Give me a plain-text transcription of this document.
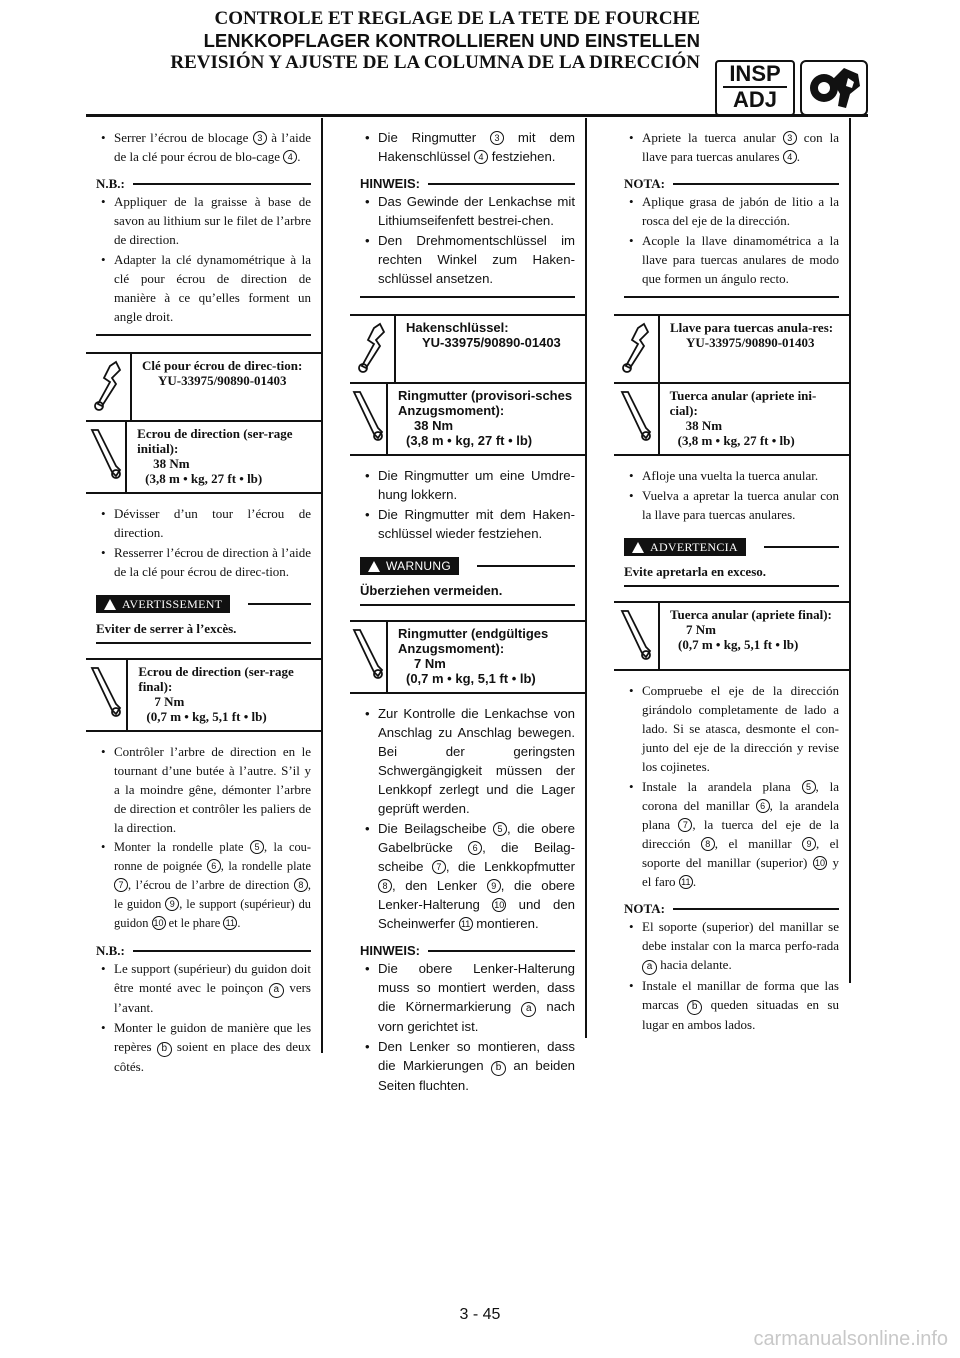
CONTROLE ET REGLAGE DE LA TETE DE FOURCHE
LENKKOPFLAGER KONTROLLIEREN UND EINSTELLEN
REVISIÓN Y AJUSTE DE LA COLUMNA DE LA DIRECCIÓN	INSP
ADJ
• Serrer l’écrou de blocage 3 à l’aide de la clé pour écrou de blo-cage 4 .
N.B.:
• Appliquer de la graisse à base de savon au lithium sur le filet de l’arbre de direction.
• Adapter la clé dynamométrique à la clé pour écrou de direction de manière à ce qu’elles forment un angle droit.
Clé pour écrou de direc-tion:
YU-33975/90890-01403
Ecrou de direction (ser-rage initial):
38 Nm
(3,8 m • kg, 27 ft • lb)
• Dévisser d’un tour l’écrou de direction.
• Resserrer l’écrou de direction à l’aide de la clé pour écrou de direc-tion.
AVERTISSEMENT
Eviter de serrer à l’excès.
Ecrou de direction (ser-rage final):
7 Nm
(0,7 m • kg, 5,1 ft • lb)
• Contrôler l’arbre de direction en le tournant d’une butée à l’autre. S’il y a la moindre gêne, démonter l’arbre de direction et contrôler les paliers de la direction.
• Monter la rondelle plate 5 , la cou-ronne de poignée 6 , la rondelle plate 7 , l’écrou de l’arbre de direction 8 , le guidon 9 , le support (supérieur) du guidon 10 et le phare 11 .
N.B.:
• Le support (supérieur) du guidon doit être monté avec le poinçon a vers l’avant.
• Monter le guidon de manière que les repères b soient en place des deux côtés.
• Die Ringmutter 3 mit dem Hakenschlüssel 4 festziehen.
HINWEIS:
• Das Gewinde der Lenkachse mit Lithiumseifenfett bestrei-chen.
• Den Drehmomentschlüssel im rechten Winkel zum Haken-schlüssel ansetzen.
Hakenschlüssel:
YU-33975/90890-01403
Ringmutter (provisori-sches Anzugsmoment):
38 Nm
(3,8 m • kg, 27 ft • lb)
• Die Ringmutter um eine Umdre-hung lokkern.
• Die Ringmutter mit dem Haken-schlüssel wieder festziehen.
WARNUNG
Überziehen vermeiden.
Ringmutter (endgültiges Anzugsmoment):
7 Nm
(0,7 m • kg, 5,1 ft • lb)
• Zur Kontrolle die Lenkachse von Anschlag zu Anschlag bewegen. Bei der geringsten Schwergängigkeit müssen der Lenkkopf zerlegt und die Lager geprüft werden.
• Die Beilagscheibe 5 , die obere Gabelbrücke 6 , die Beilag-scheibe 7 , die Lenkkopfmutter 8 , den Lenker 9 , die obere Lenker-Halterung 10 und den Scheinwerfer 11 montieren.
HINWEIS:
• Die obere Lenker-Halterung muss so montiert werden, dass die Körnermarkierung a nach vorn gerichtet ist.
• Den Lenker so montieren, dass die Markierungen b an beiden Seiten fluchten.
• Apriete la tuerca anular 3 con la llave para tuercas anulares 4 .
NOTA:
• Aplique grasa de jabón de litio a la rosca del eje de la dirección.
• Acople la llave dinamométrica a la llave para tuercas anulares de modo que formen un ángulo recto.
Llave para tuercas anula-res:
YU-33975/90890-01403
Tuerca anular (apriete ini-cial):
38 Nm
(3,8 m • kg, 27 ft • lb)
• Afloje una vuelta la tuerca anular.
• Vuelva a apretar la tuerca anular con la llave para tuercas anulares.
ADVERTENCIA
Evite apretarla en exceso.
Tuerca anular (apriete final):
7 Nm
(0,7 m • kg, 5,1 ft • lb)
• Compruebe el eje de la dirección girándolo completamente de lado a lado. Si se atasca, desmonte el con-junto del eje de la dirección y revise los cojinetes.
• Instale la arandela plana 5 , la corona del manillar 6 , la arandela plana 7 , la tuerca del eje de la dirección 8 , el manillar 9 , el soporte del manillar (superior) 10 y el faro 11 .
NOTA:
• El soporte (superior) del manillar se debe instalar con la marca perfo-rada a hacia delante.
• Instale el manillar de forma que las marcas b queden situadas en su lugar en ambos lados.
3 - 45
carmanualsonline.info
